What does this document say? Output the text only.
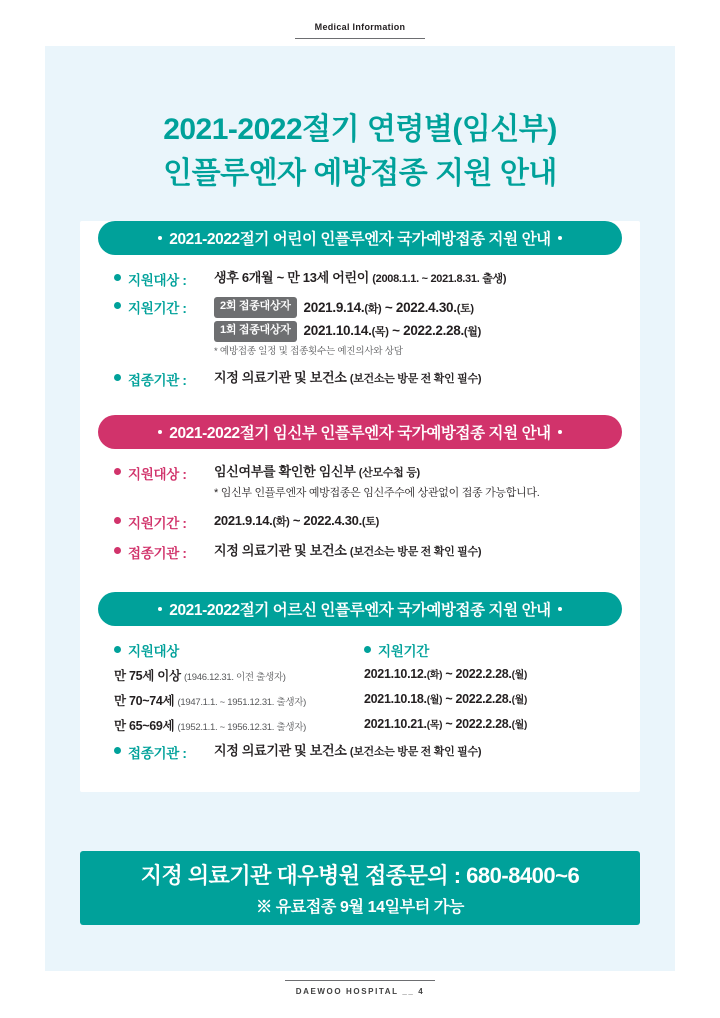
Medical Information
2021-2022절기 연령별(임신부)
인플루엔자 예방접종 지원 안내
2021-2022절기 어린이 인플루엔자 국가예방접종 지원 안내
지원대상 :	생후 6개월 ~ 만 13세 어린이 (2008.1.1. ~ 2021.8.31. 출생)
지원기간 :	2회 접종대상자 2021.9.14.(화) ~ 2022.4.30.(토)
1회 접종대상자 2021.10.14.(목) ~ 2022.2.28.(월)
* 예방접종 일정 및 접종횟수는 예진의사와 상담
접종기관 :	지정 의료기관 및 보건소 (보건소는 방문 전 확인 필수)
2021-2022절기 임신부 인플루엔자 국가예방접종 지원 안내
지원대상 :	임신여부를 확인한 임신부 (산모수첩 등)
* 임신부 인플루엔자 예방접종은 임신주수에 상관없이 접종 가능합니다.
지원기간 :	2021.9.14.(화) ~ 2022.4.30.(토)
접종기관 :	지정 의료기관 및 보건소 (보건소는 방문 전 확인 필수)
2021-2022절기 어르신 인플루엔자 국가예방접종 지원 안내
지원대상	지원기간
만 75세 이상 (1946.12.31. 이전 출생자)	2021.10.12.(화) ~ 2022.2.28.(월)
만 70~74세 (1947.1.1. ~ 1951.12.31. 출생자)	2021.10.18.(월) ~ 2022.2.28.(월)
만 65~69세 (1952.1.1. ~ 1956.12.31. 출생자)	2021.10.21.(목) ~ 2022.2.28.(월)
접종기관 :	지정 의료기관 및 보건소 (보건소는 방문 전 확인 필수)
지정 의료기관 대우병원 접종문의 : 680-8400~6
※ 유료접종 9월 14일부터 가능
DAEWOO HOSPITAL __ 4
